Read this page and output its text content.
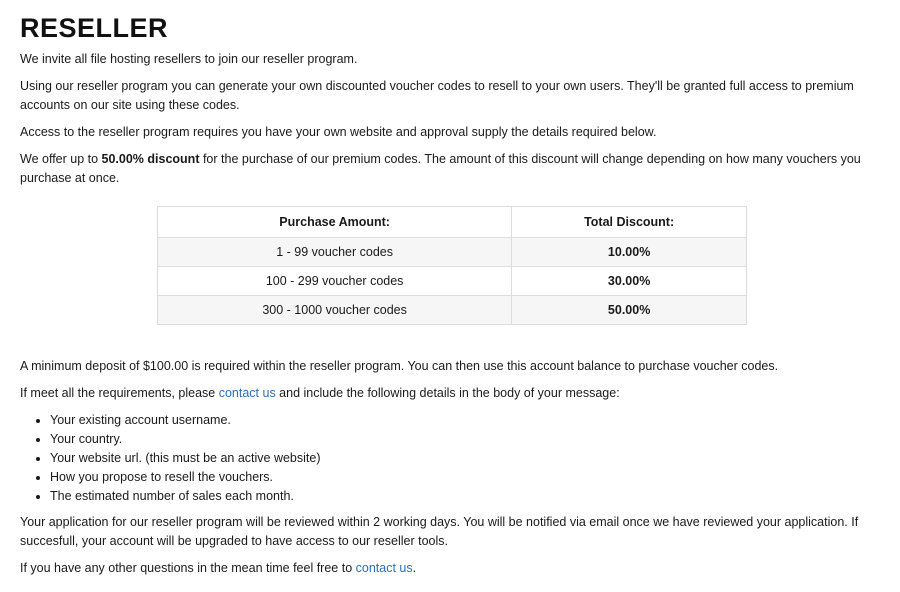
RESELLER

We invite all file hosting resellers to join our reseller program.

Using our reseller program you can generate your own discounted voucher codes to resell to your own users. They'll be granted full access to premium accounts on our site using these codes.

Access to the reseller program requires you have your own website and approval supply the details required below.

We offer up to 50.00% discount for the purchase of our premium codes. The amount of this discount will change depending on how many vouchers you purchase at once.

Purchase Amount:	Total Discount:
1 - 99 voucher codes	10.00%
100 - 299 voucher codes	30.00%
300 - 1000 voucher codes	50.00%

A minimum deposit of $100.00 is required within the reseller program. You can then use this account balance to purchase voucher codes.

If meet all the requirements, please contact us and include the following details in the body of your message:

• Your existing account username.
• Your country.
• Your website url. (this must be an active website)
• How you propose to resell the vouchers.
• The estimated number of sales each month.

Your application for our reseller program will be reviewed within 2 working days. You will be notified via email once we have reviewed your application. If succesfull, your account will be upgraded to have access to our reseller tools.

If you have any other questions in the mean time feel free to contact us.
